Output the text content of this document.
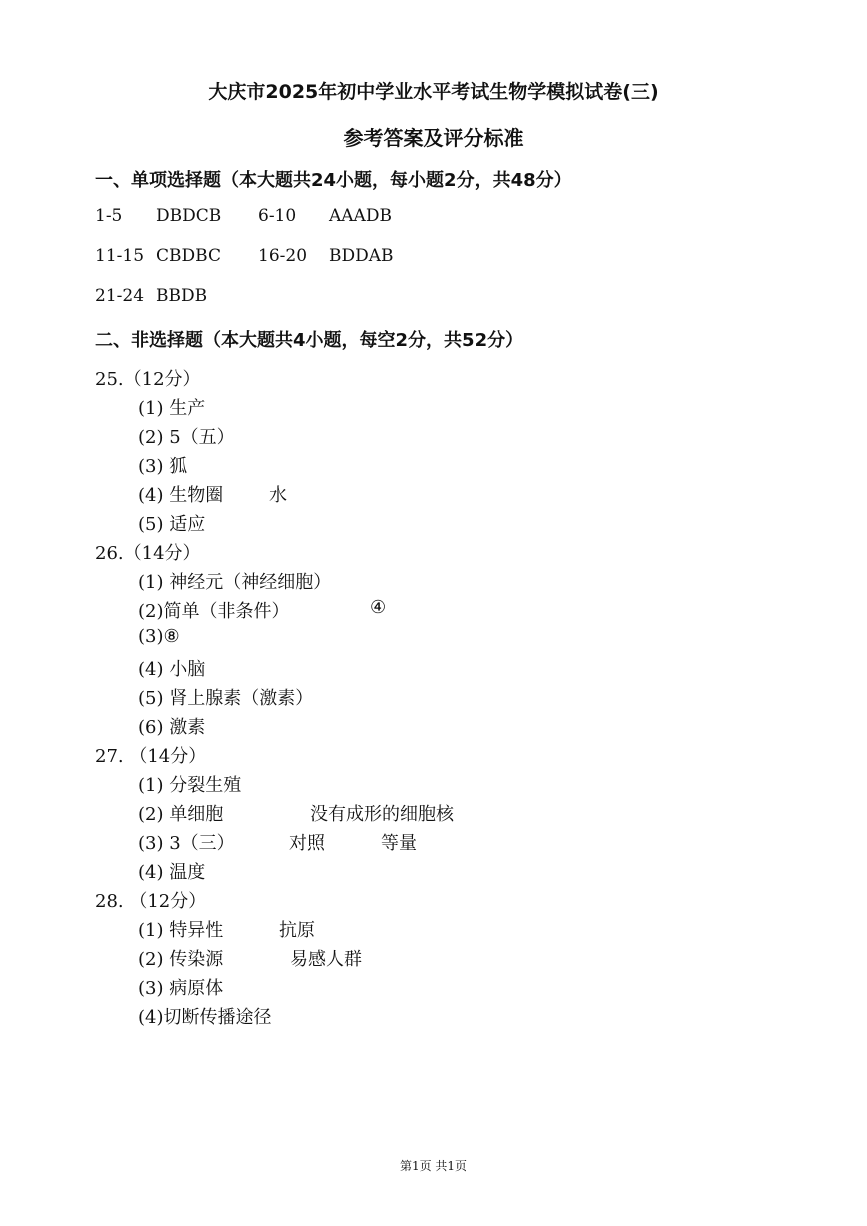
大庆市2025年初中学业水平考试生物学模拟试卷(三)
参考答案及评分标准
一、单项选择题（本大题共24小题，每小题2分，共48分）
1-5 DBDCB 6-10 AAADB
11-15 CBDBC 16-20 BDDAB
21-24 BBDB
二、非选择题（本大题共4小题，每空2分，共52分）
25.（12分）
(1) 生产
(2) 5（五）
(3) 狐
(4) 生物圈	水
(5) 适应
26.（14分）
(1) 神经元（神经细胞）
(2)简单（非条件）	④
(3)⑧
(4) 小脑
(5) 肾上腺素（激素）
(6) 激素
27. （14分）
(1) 分裂生殖
(2) 单细胞	没有成形的细胞核
(3) 3（三）	对照	等量
(4) 温度
28. （12分）
(1) 特异性	抗原
(2) 传染源	易感人群
(3) 病原体
(4)切断传播途径
第1页 共1页
